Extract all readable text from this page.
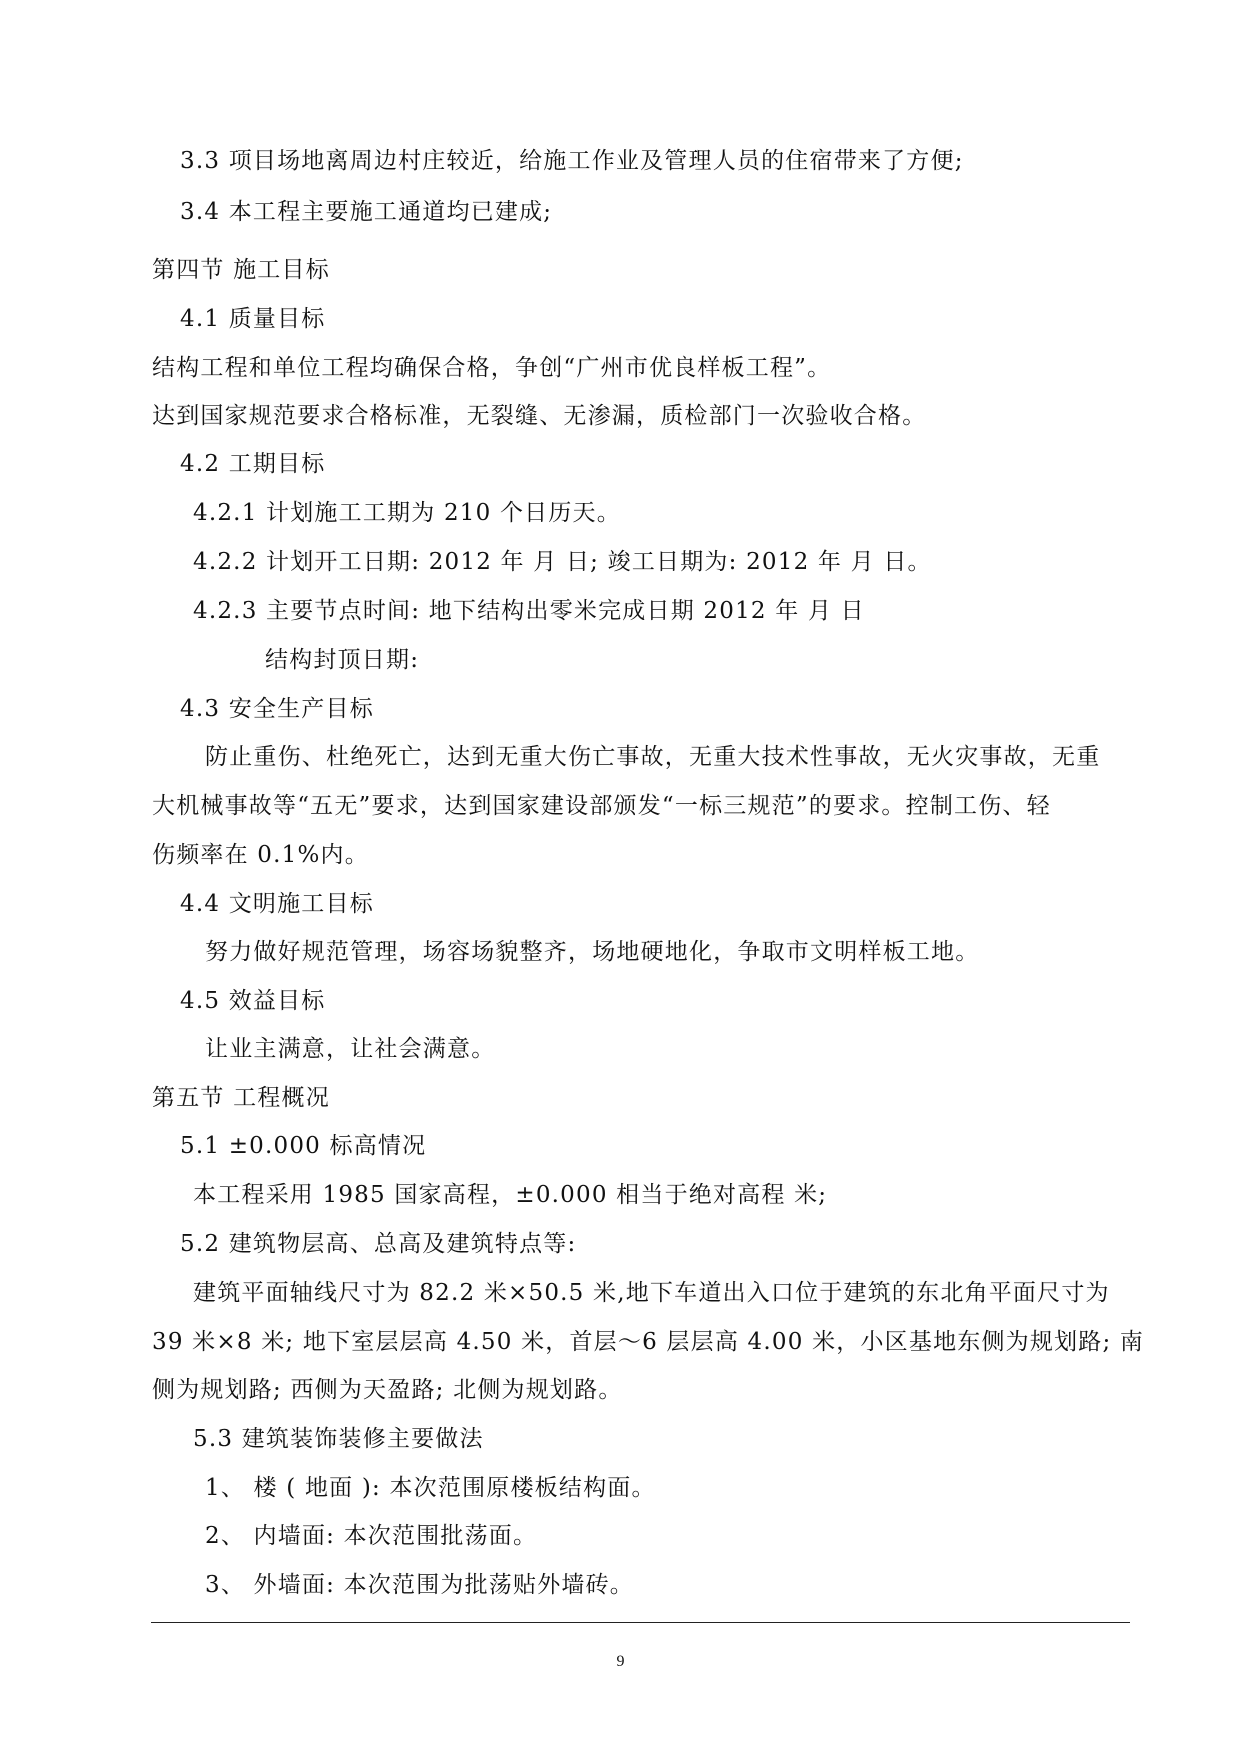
3.3 项目场地离周边村庄较近，给施工作业及管理人员的住宿带来了方便;
3.4 本工程主要施工通道均已建成;
第四节 施工目标
4.1 质量目标
结构工程和单位工程均确保合格，争创“广州市优良样板工程”。
达到国家规范要求合格标准，无裂缝、无渗漏，质检部门一次验收合格。
4.2 工期目标
4.2.1 计划施工工期为 210 个日历天。
4.2.2 计划开工日期: 2012 年 月 日; 竣工日期为: 2012 年 月 日。
4.2.3 主要节点时间: 地下结构出零米完成日期 2012 年 月 日
结构封顶日期:
4.3 安全生产目标
防止重伤、杜绝死亡，达到无重大伤亡事故，无重大技术性事故，无火灾事故，无重
大机械事故等“五无”要求，达到国家建设部颁发“一标三规范”的要求。控制工伤、轻
伤频率在 0.1%内。
4.4 文明施工目标
努力做好规范管理，场容场貌整齐，场地硬地化，争取市文明样板工地。
4.5 效益目标
让业主满意，让社会满意。
第五节 工程概况
5.1 ±0.000 标高情况
本工程采用 1985 国家高程，±0.000 相当于绝对高程 米;
5.2 建筑物层高、总高及建筑特点等:
建筑平面轴线尺寸为 82.2 米×50.5 米,地下车道出入口位于建筑的东北角平面尺寸为
39 米×8 米; 地下室层层高 4.50 米，首层～6 层层高 4.00 米，小区基地东侧为规划路; 南
侧为规划路; 西侧为天盈路; 北侧为规划路。
5.3 建筑装饰装修主要做法
1、 楼 ( 地面 ): 本次范围原楼板结构面。
2、 内墙面: 本次范围批荡面。
3、 外墙面: 本次范围为批荡贴外墙砖。
9
